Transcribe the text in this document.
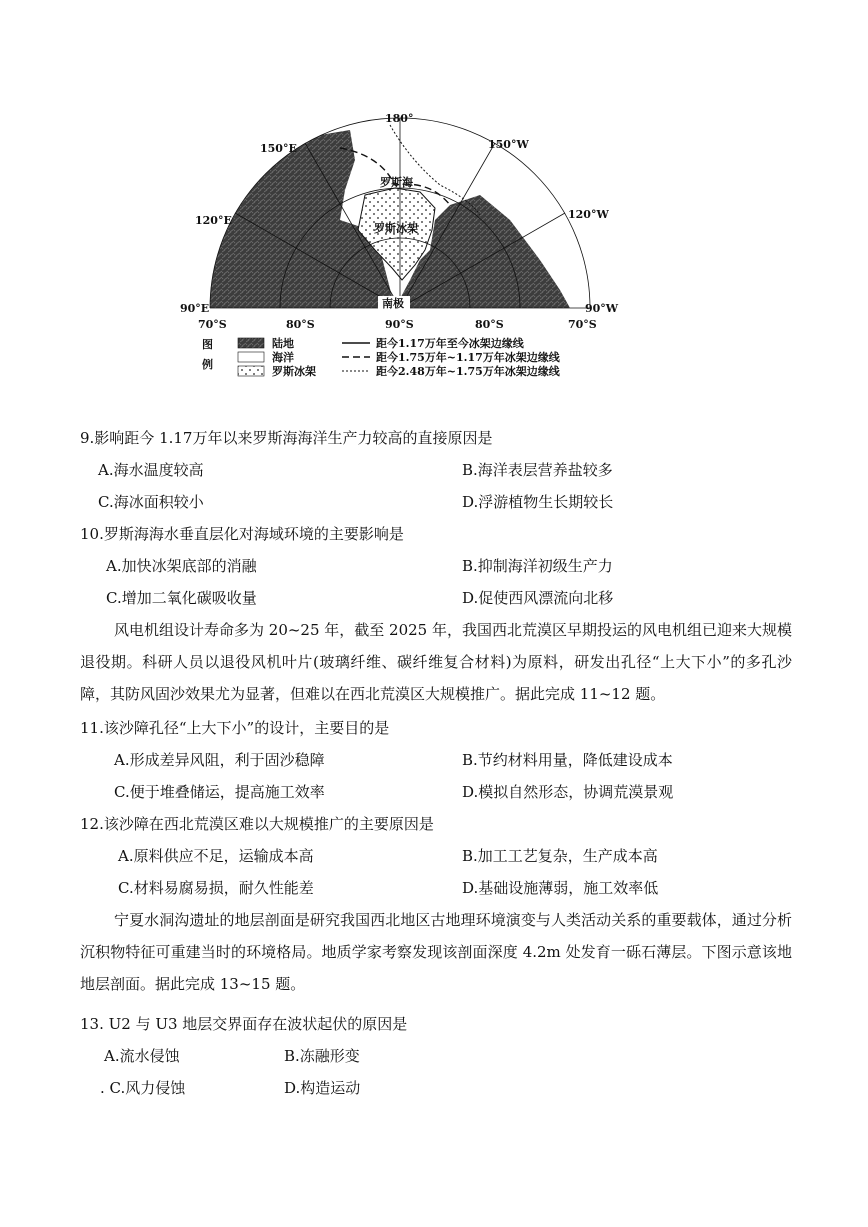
180°
150°E	150°W
120°E	120°W
90°E	90°W
70°S	80°S	90°S	80°S	70°S
罗斯海
罗斯冰架
南极
图
例
陆地
海洋
罗斯冰架
距今1.17万年至今冰架边缘线
距今1.75万年~1.17万年冰架边缘线
距今2.48万年~1.75万年冰架边缘线
9.影响距今 1.17万年以来罗斯海海洋生产力较高的直接原因是
A.海水温度较高	B.海洋表层营养盐较多
C.海冰面积较小	D.浮游植物生长期较长
10.罗斯海海水垂直层化对海域环境的主要影响是
A.加快冰架底部的消融	B.抑制海洋初级生产力
C.增加二氧化碳吸收量	D.促使西风漂流向北移
风电机组设计寿命多为 20~25 年，截至 2025 年，我国西北荒漠区早期投运的风电机组已迎来大规模退役期。科研人员以退役风机叶片(玻璃纤维、碳纤维复合材料)为原料，研发出孔径“上大下小”的多孔沙障，其防风固沙效果尤为显著，但难以在西北荒漠区大规模推广。据此完成 11~12 题。
11.该沙障孔径“上大下小”的设计，主要目的是
A.形成差异风阻，利于固沙稳障	B.节约材料用量，降低建设成本
C.便于堆叠储运，提高施工效率	D.模拟自然形态，协调荒漠景观
12.该沙障在西北荒漠区难以大规模推广的主要原因是
A.原料供应不足，运输成本高	B.加工工艺复杂，生产成本高
C.材料易腐易损，耐久性能差	D.基础设施薄弱，施工效率低
宁夏水洞沟遗址的地层剖面是研究我国西北地区古地理环境演变与人类活动关系的重要载体，通过分析沉积物特征可重建当时的环境格局。地质学家考察发现该剖面深度 4.2m 处发育一砾石薄层。下图示意该地地层剖面。据此完成 13~15 题。
13. U2 与 U3 地层交界面存在波状起伏的原因是
A.流水侵蚀	B.冻融形变
. C.风力侵蚀	D.构造运动
